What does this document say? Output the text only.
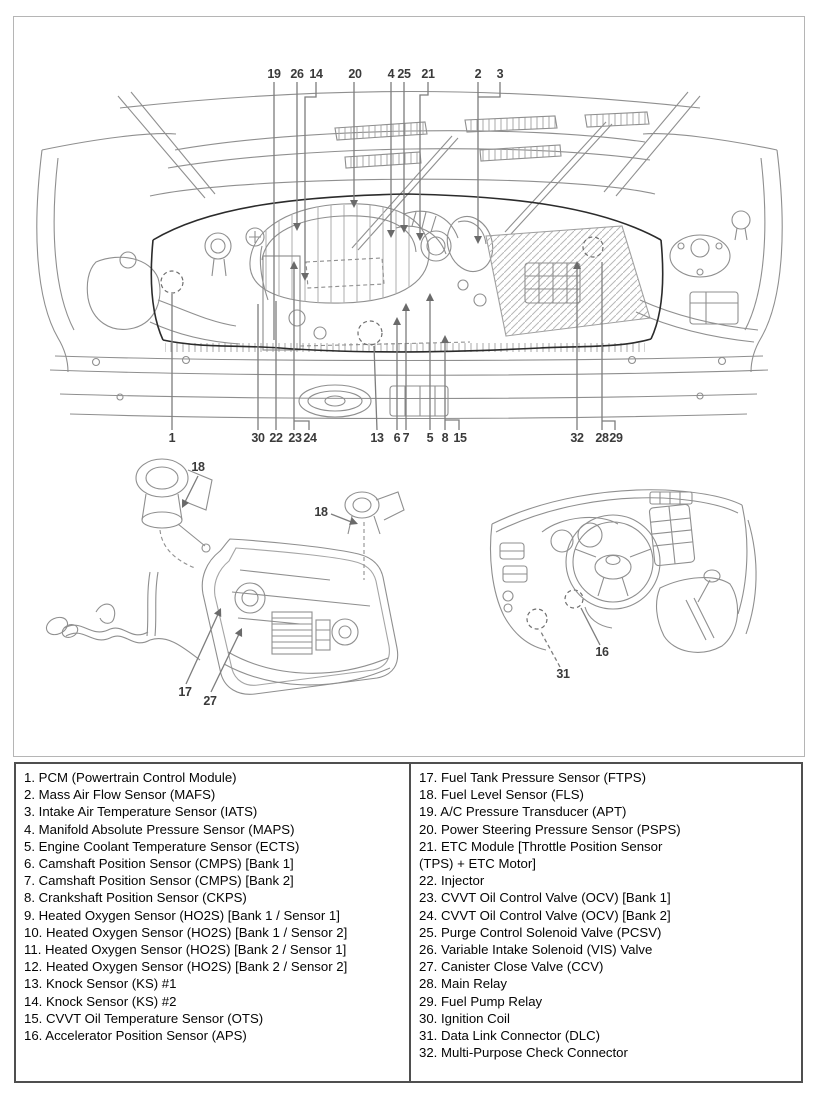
19 26 14 20 4 25 21	2 3
1	30 22 23 24	13 6 7 5 8 15	32 28 29
18
18
17
27
31
16
1. PCM (Powertrain Control Module)
2. Mass Air Flow Sensor (MAFS)
3. Intake Air Temperature Sensor (IATS)
4. Manifold Absolute Pressure Sensor (MAPS)
5. Engine Coolant Temperature Sensor (ECTS)
6. Camshaft Position Sensor (CMPS) [Bank 1]
7. Camshaft Position Sensor (CMPS) [Bank 2]
8. Crankshaft Position Sensor (CKPS)
9. Heated Oxygen Sensor (HO2S) [Bank 1 / Sensor 1]
10. Heated Oxygen Sensor (HO2S) [Bank 1 / Sensor 2]
11. Heated Oxygen Sensor (HO2S) [Bank 2 / Sensor 1]
12. Heated Oxygen Sensor (HO2S) [Bank 2 / Sensor 2]
13. Knock Sensor (KS) #1
14. Knock Sensor (KS) #2
15. CVVT Oil Temperature Sensor (OTS)
16. Accelerator Position Sensor (APS)
17. Fuel Tank Pressure Sensor (FTPS)
18. Fuel Level Sensor (FLS)
19. A/C Pressure Transducer (APT)
20. Power Steering Pressure Sensor (PSPS)
21. ETC Module [Throttle Position Sensor
(TPS) + ETC Motor]
22. Injector
23. CVVT Oil Control Valve (OCV) [Bank 1]
24. CVVT Oil Control Valve (OCV) [Bank 2]
25. Purge Control Solenoid Valve (PCSV)
26. Variable Intake Solenoid (VIS) Valve
27. Canister Close Valve (CCV)
28. Main Relay
29. Fuel Pump Relay
30. Ignition Coil
31. Data Link Connector (DLC)
32. Multi-Purpose Check Connector
